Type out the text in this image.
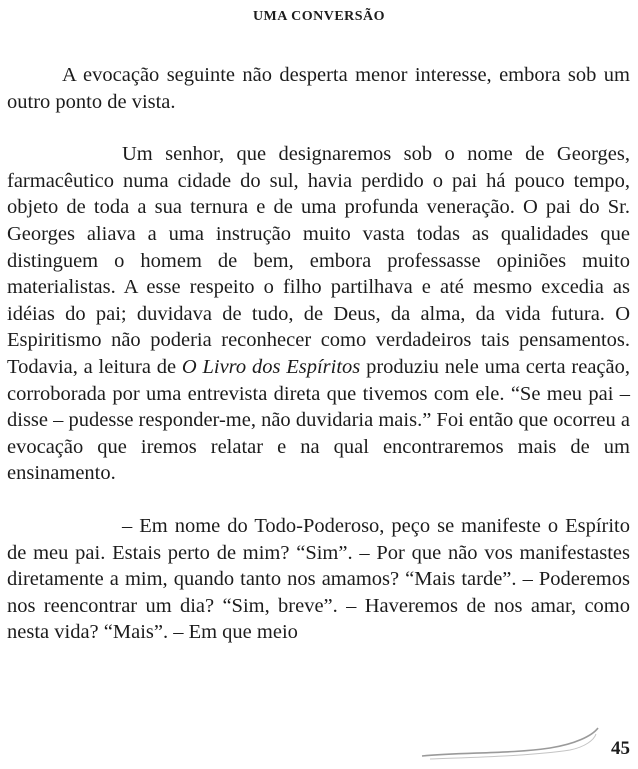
UMA CONVERSÃO

A evocação seguinte não desperta menor interesse, embora sob um outro ponto de vista.

Um senhor, que designaremos sob o nome de Georges, farmacêutico numa cidade do sul, havia perdido o pai há pouco tempo, objeto de toda a sua ternura e de uma profunda veneração. O pai do Sr. Georges aliava a uma instrução muito vasta todas as qualidades que distinguem o homem de bem, embora professasse opiniões muito materialistas. A esse respeito o filho partilhava e até mesmo excedia as idéias do pai; duvidava de tudo, de Deus, da alma, da vida futura. O Espiritismo não poderia reconhecer como verdadeiros tais pensamentos. Todavia, a leitura de O Livro dos Espíritos produziu nele uma certa reação, corroborada por uma entrevista direta que tivemos com ele. “Se meu pai – disse – pudesse responder-me, não duvidaria mais.” Foi então que ocorreu a evocação que iremos relatar e na qual encontraremos mais de um ensinamento.

– Em nome do Todo-Poderoso, peço se manifeste o Espírito de meu pai. Estais perto de mim? “Sim”. – Por que não vos manifestastes diretamente a mim, quando tanto nos amamos? “Mais tarde”. – Poderemos nos reencontrar um dia? “Sim, breve”. – Haveremos de nos amar, como nesta vida? “Mais”. – Em que meio

45
